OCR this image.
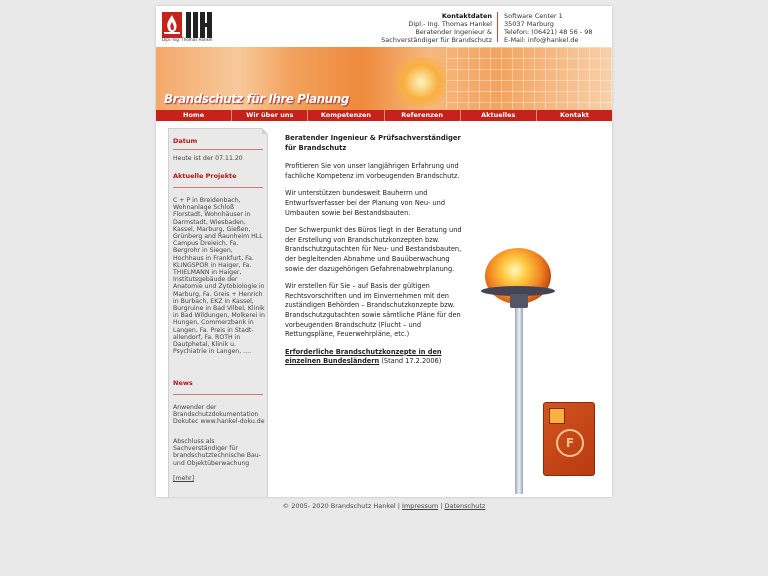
Dipl.-Ing. Thomas Hankel
Kontaktdaten
Dipl.- Ing. Thomas Hankel
Beratender Ingenieur &
Sachverständiger für Brandschutz
Software Center 1
35037 Marburg
Telefon: (06421) 48 56 - 98
E-Mail: info@hankel.de
Brandschutz für Ihre Planung
Home	Wir über uns	Kompetenzen	Referenzen	Aktuelles	Kontakt
Datum
Heute ist der 07.11.20
Aktuelle Projekte
C + P in Breidenbach, Wohnanlage Schloß Florstadt, Wohnhäuser in Darmstadt, Wiesbaden, Kassel, Marburg, Gießen, Grünberg and Raunheim HLL Campus Dreieich, Fa. Bergrohr in Siegen, Hochhaus in Frankfurt, Fa. KLINGSPOR in Haiger, Fa. THIELMANN in Haiger, Institutsgebäude der Anatomie und Zytobiologie in Marburg, Fa. Greis + Henrich in Burbach, EKZ in Kassel, Burgruine in Bad Vilbel, Klinik in Bad Wildungen, Molkerei in Hungen, Commerzbank in Langen, Fa. Preis in Stadt-allendorf, Fa. ROTH in Dautphetal, Klinik u. Psychiatrie in Langen, ....
News
Anwender der Brandschutzdokumentation Dokutec www.hankel-doku.de
Abschluss als Sachverständiger für brandschutztechnische Bau- und Objektüberwachung
[mehr]
Beratender Ingenieur & Prüfsachverständiger für Brandschutz

Profitieren Sie von unser langjährigen Erfahrung und fachliche Kompetenz im vorbeugenden Brandschutz.

Wir unterstützen bundesweit Bauherrn und Entwurfsverfasser bei der Planung von Neu- und Umbauten sowie bei Bestandsbauten.

Der Schwerpunkt des Büros liegt in der Beratung und der Erstellung von Brandschutzkonzepten bzw. Brandschutzgutachten für Neu- und Bestandsbauten, der begleitenden Abnahme und Bauüberwachung sowie der dazugehörigen Gefahrenabwehrplanung.

Wir erstellen für Sie – auf Basis der gültigen Rechtsvorschriften und im Einvernehmen mit den zuständigen Behörden – Brandschutzkonzepte bzw. Brandschutzgutachten sowie sämtliche Pläne für den vorbeugenden Brandschutz (Flucht – und Rettungspläne, Feuerwehrpläne, etc.)

Erforderliche Brandschutzkonzepte in den einzelnen Bundesländern (Stand 17.2.2006)

F
© 2005- 2020 Brandschutz Hankel | Impressum | Datenschutz
